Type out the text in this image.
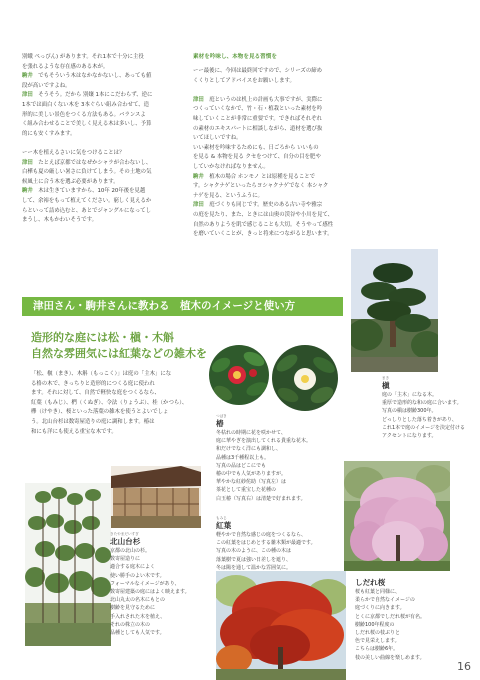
別蛾 ぺっぴん) があります。それ1本で十分に主役

を張れるような存在感のある木が。

駒井　 でもそういう木はなかなかないし、あっても値

段が高いですよね。

津田　 そうそう。だから 別嬢 1本にこだわらず、逆に

1本では面白くない木を 3本ぐらい組み合わせて、造

形的に美しい景色をつくる方法もある。バランスよ

く組み合わせることで美しく見える木は多いし、予算

的にも安くすみます。

ーー木を植えるさいに気をつけることは？

津田　 たとえば京都ではなぜかシャラが合わないし、

白樺も夏の厳しい暑さに負けてしまう。その土地の気

候風土に合う木を選ぶ必要があります。

駒井　 木は生きていますから、10年 20年後を見越

して、余裕をもって植えてください。窮しく見えるか

らといって詰め込むと、あとでジャングルになってし

まうし、木もかわいそうです。

素材を吟味し、本物を見る習慣を

ーー最後に、今回は最終回ですので、シリーズの締め

くくりとしてアドバイスをお願いします。

津田　 庭というのは机上の計画も大事ですが、実際に

つくっていくなかで、竹・石・植栽といった素材を吟

味していくことが非常に重要です。できればそれぞれ

の素材のエキスパートに相談しながら、道材を選び抜

いてほしいですね。

いい素材を吟味するためにも、日ごろから いいもの

を見る & 本物を見る クセをつけて、自分の目を肥や

していかなければなりません。

駒井　 植木の場合 ホンモノ とは原種を見ることで

す。シャクナゲといったらヨシャクナゲでなく 本シャク

ナゲを見る、というふうに。

津田　 庭づくりも同じです。歴史のある古い寺や雅宗

の庭を見たり、また、ときには山奥の渓谷や小川を見て、

自然のありようを肌で感じることも大切。そうやって感性

を磨いていくことが、きっと将来につながると思います。

津田さん・駒井さんに教わる　植木のイメージと使い方
造形的な庭には松・槇・木斛
自然な雰囲気には紅葉などの雑木を
「松、槇（まき）、木斛（もっこく）」は庭の「主木」にな
る格の木で、きっちりと造形的につくる庭に使われ
ます。それに対して、自然で軽快な庭をつくるなら、
紅葉（もみじ）、椚（くぬぎ）、令法（りょうぶ）、桂（かつら）、
欅（けやき）、桜といった落葉の雑木を使うとよいでしょ
う。北山台杉は数寄屋造りの庭に調和します。椿は
和にも洋にも使える重宝な木です。
まき
槇
庭の「主木」になる木。
重厚で造形的な和の庭に合います。
写真の槇は樹齢300年。
どっしりとした落ち着きがあり、
これ1本で庭のイメージを決定付ける
アクセントになります。
つばき
椿
冬枯れの時期に花を咲かせて、
庭に華やぎを演出してくれる貴重な花木。
和だけでなく洋にも調和し、
品種は3千種程以上も。
写真の品はどこにでも
椿の中でも人気がありますが。
華やかな紅紗侘助（写真左）は
茶花として重宝した花種の
白玉椿（写真右）は清楚で好まれます。
もみじ
紅葉
軽やかで自然な感じの庭をつくるなら、
この紅葉をはじめとする雑木類が最適です。
写真の木のように、この種の木は
落葉樹で夏は強い日差しを遮り、
冬は陽を通して温かな雰囲気に。
しだれ桜
桜も紅葉と同様に、
柔らかで自然なイメージの
庭づくりに向きます。
とくに京都でしだれ桜が有名。
樹齢100年程度の
しだれ桜の枝ぶりと
色で見栄えします。
こちらは樹齢6年。
枝の美しい曲線を楽しめます。
きたやまだいすぎ
北山台杉
京都の北山の杉。
数寄屋造りに
適合する庭木によく
使い勝手のよい木です。
フォーマルなイメージがあり、
数寄屋建築の庭にはよく映えます。
北山丸太の名木にもとの
樹齢を見守るために
手入れされた木を植え、
それの株立の木の
品種としても人気です。
16
